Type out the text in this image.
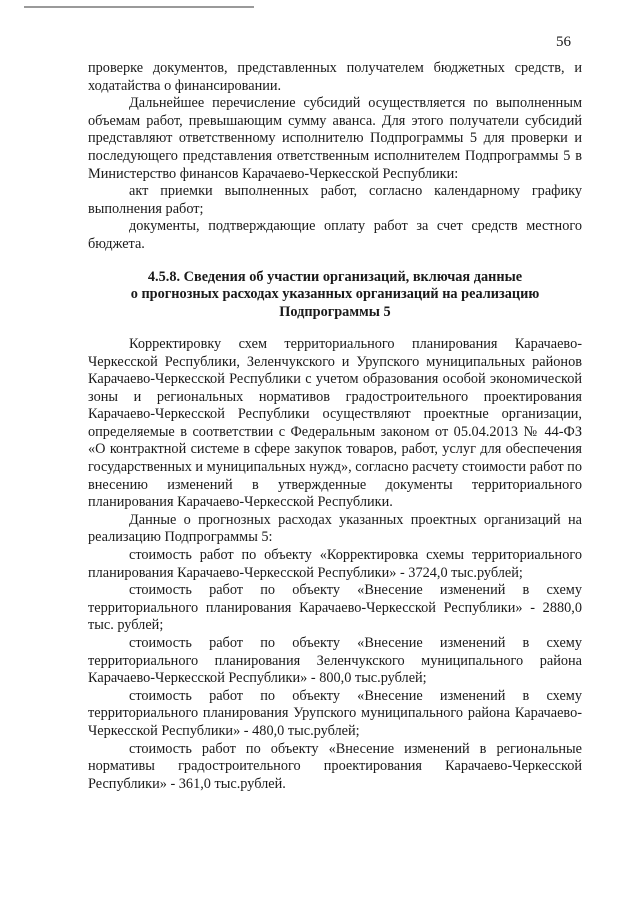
56

проверке документов, представленных получателем бюджетных средств, и ходатайства о финансировании.

Дальнейшее перечисление субсидий осуществляется по выполненным объемам работ, превышающим сумму аванса. Для этого получатели субсидий представляют ответственному исполнителю Подпрограммы 5 для проверки и последующего представления ответственным исполнителем Подпрограммы 5 в Министерство финансов Карачаево-Черкесской Республики:

акт приемки выполненных работ, согласно календарному графику выполнения работ;

документы, подтверждающие оплату работ за счет средств местного бюджета.

4.5.8. Сведения об участии организаций, включая данные
о прогнозных расходах указанных организаций на реализацию
Подпрограммы 5

Корректировку схем территориального планирования Карачаево-Черкесской Республики, Зеленчукского и Урупского муниципальных районов Карачаево-Черкесской Республики с учетом образования особой экономической зоны и региональных нормативов градостроительного проектирования Карачаево-Черкесской Республики осуществляют проектные организации, определяемые в соответствии с Федеральным законом от 05.04.2013 № 44-ФЗ «О контрактной системе в сфере закупок товаров, работ, услуг для обеспечения государственных и муниципальных нужд», согласно расчету стоимости работ по внесению изменений в утвержденные документы территориального планирования Карачаево-Черкесской Республики.

Данные о прогнозных расходах указанных проектных организаций на реализацию Подпрограммы 5:

стоимость работ по объекту «Корректировка схемы территориального планирования Карачаево-Черкесской Республики» - 3724,0 тыс.рублей;

стоимость работ по объекту «Внесение изменений в схему территориального планирования Карачаево-Черкесской Республики» - 2880,0 тыс. рублей;

стоимость работ по объекту «Внесение изменений в схему территориального планирования Зеленчукского муниципального района Карачаево-Черкесской Республики» - 800,0 тыс.рублей;

стоимость работ по объекту «Внесение изменений в схему территориального планирования Урупского муниципального района Карачаево-Черкесской Республики» - 480,0 тыс.рублей;

стоимость работ по объекту «Внесение изменений в региональные нормативы градостроительного проектирования Карачаево-Черкесской Республики» - 361,0 тыс.рублей.
